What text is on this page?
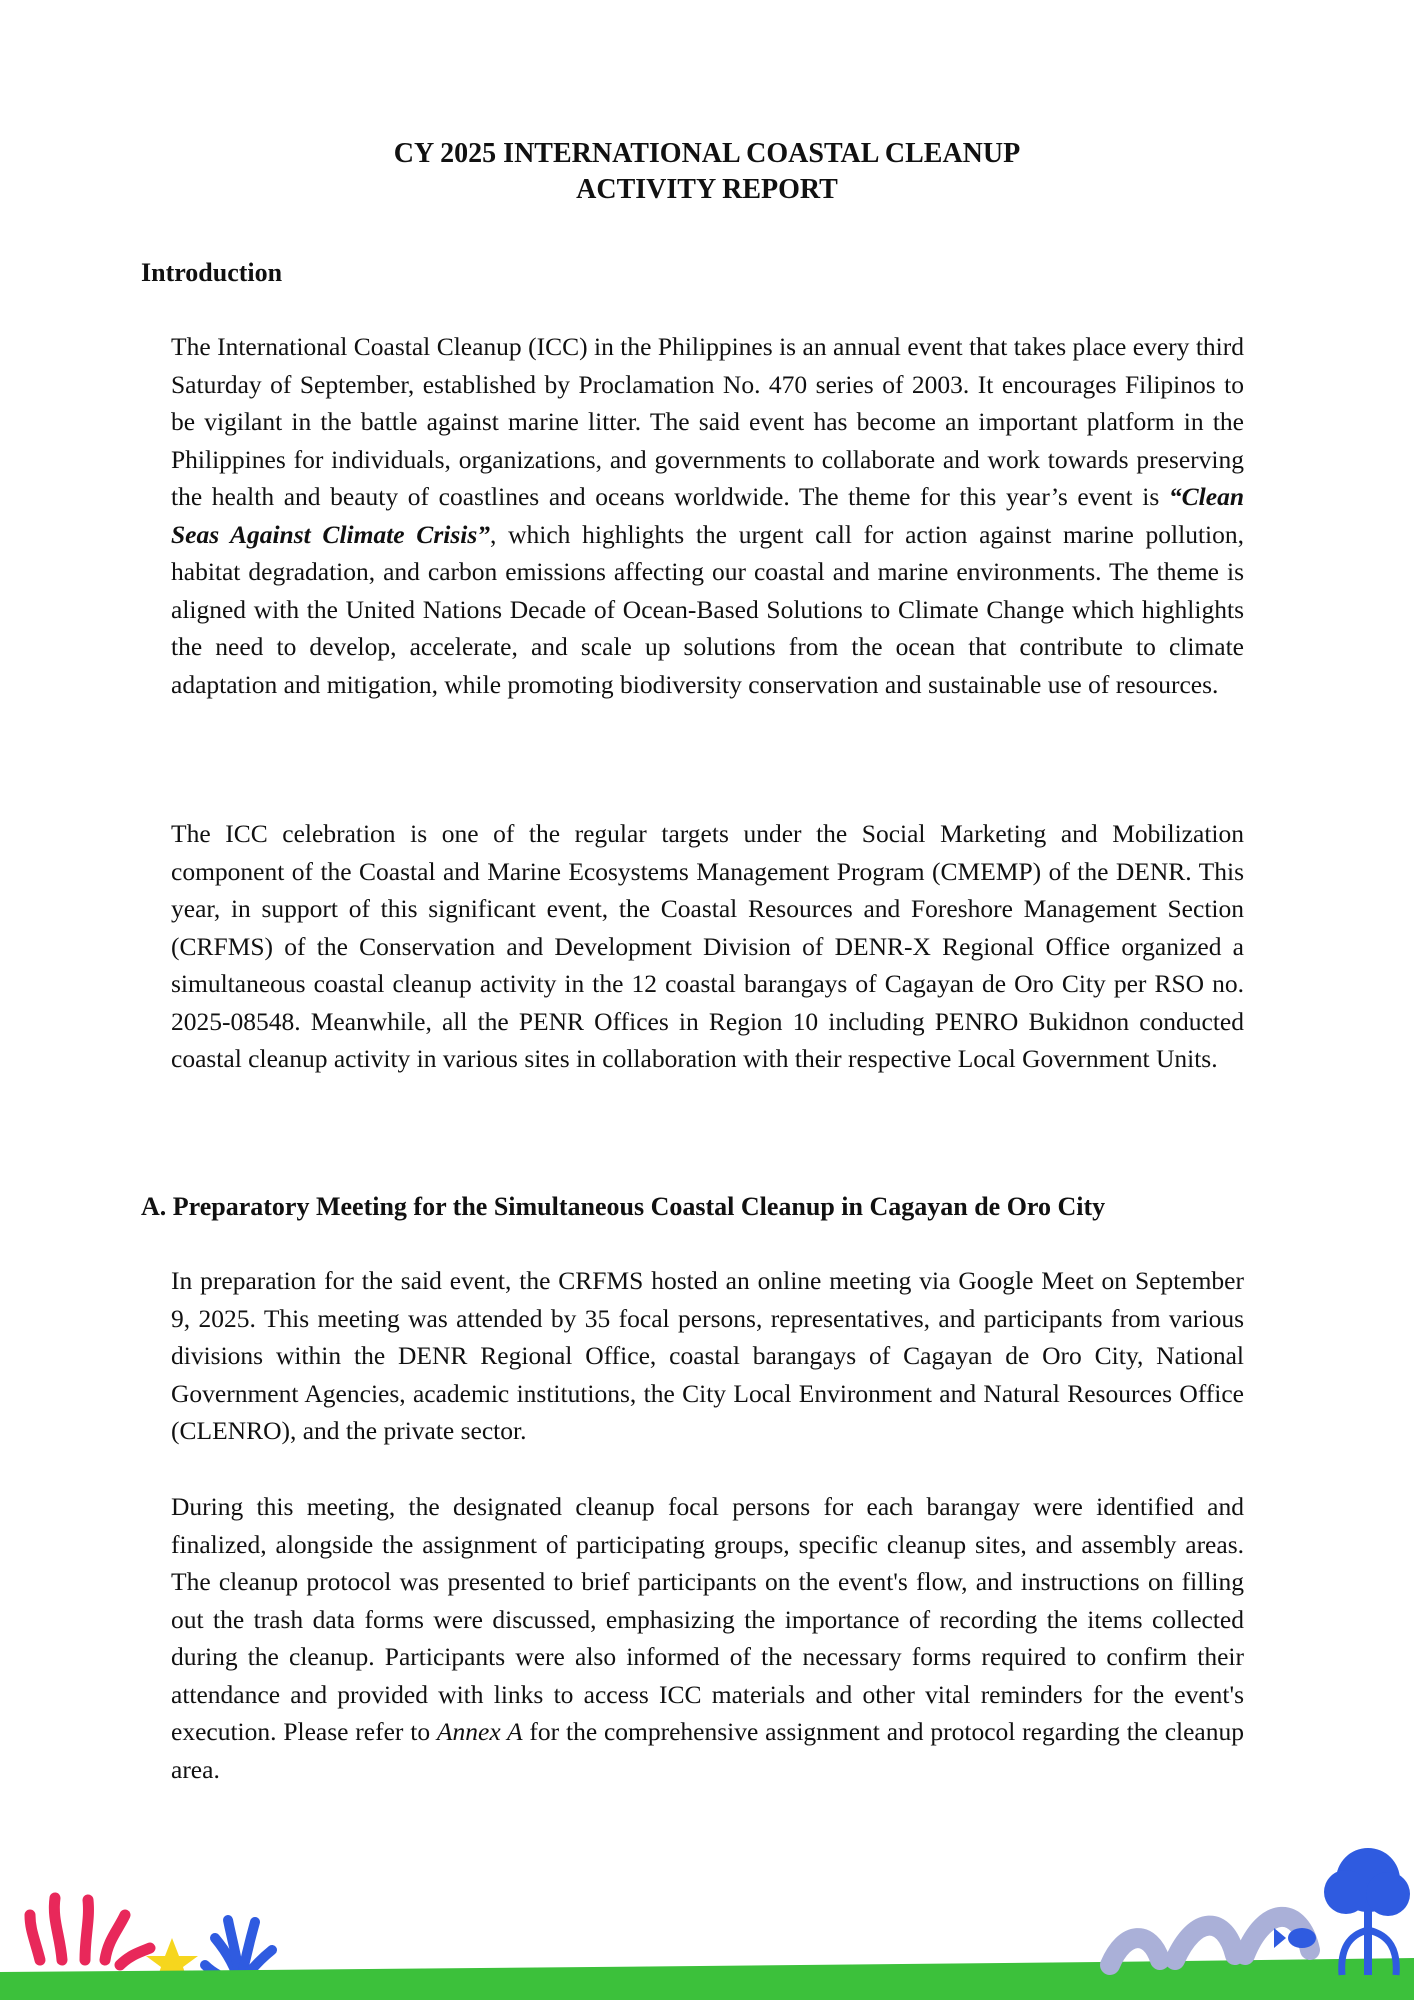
CY 2025 INTERNATIONAL COASTAL CLEANUP
ACTIVITY REPORT
Introduction

The International Coastal Cleanup (ICC) in the Philippines is an annual event that takes place every third Saturday of September, established by Proclamation No. 470 series of 2003. It encourages Filipinos to be vigilant in the battle against marine litter. The said event has become an important platform in the Philippines for individuals, organizations, and governments to collaborate and work towards preserving the health and beauty of coastlines and oceans worldwide. The theme for this year’s event is “Clean Seas Against Climate Crisis”, which highlights the urgent call for action against marine pollution, habitat degradation, and carbon emissions affecting our coastal and marine environments. The theme is aligned with the United Nations Decade of Ocean-Based Solutions to Climate Change which highlights the need to develop, accelerate, and scale up solutions from the ocean that contribute to climate adaptation and mitigation, while promoting biodiversity conservation and sustainable use of resources.

The ICC celebration is one of the regular targets under the Social Marketing and Mobilization component of the Coastal and Marine Ecosystems Management Program (CMEMP) of the DENR. This year, in support of this significant event, the Coastal Resources and Foreshore Management Section (CRFMS) of the Conservation and Development Division of DENR-X Regional Office organized a simultaneous coastal cleanup activity in the 12 coastal barangays of Cagayan de Oro City per RSO no. 2025-08548. Meanwhile, all the PENR Offices in Region 10 including PENRO Bukidnon conducted coastal cleanup activity in various sites in collaboration with their respective Local Government Units.

A. Preparatory Meeting for the Simultaneous Coastal Cleanup in Cagayan de Oro City

In preparation for the said event, the CRFMS hosted an online meeting via Google Meet on September 9, 2025. This meeting was attended by 35 focal persons, representatives, and participants from various divisions within the DENR Regional Office, coastal barangays of Cagayan de Oro City, National Government Agencies, academic institutions, the City Local Environment and Natural Resources Office (CLENRO), and the private sector.

During this meeting, the designated cleanup focal persons for each barangay were identified and finalized, alongside the assignment of participating groups, specific cleanup sites, and assembly areas. The cleanup protocol was presented to brief participants on the event's flow, and instructions on filling out the trash data forms were discussed, emphasizing the importance of recording the items collected during the cleanup. Participants were also informed of the necessary forms required to confirm their attendance and provided with links to access ICC materials and other vital reminders for the event's execution. Please refer to Annex A for the comprehensive assignment and protocol regarding the cleanup area.
